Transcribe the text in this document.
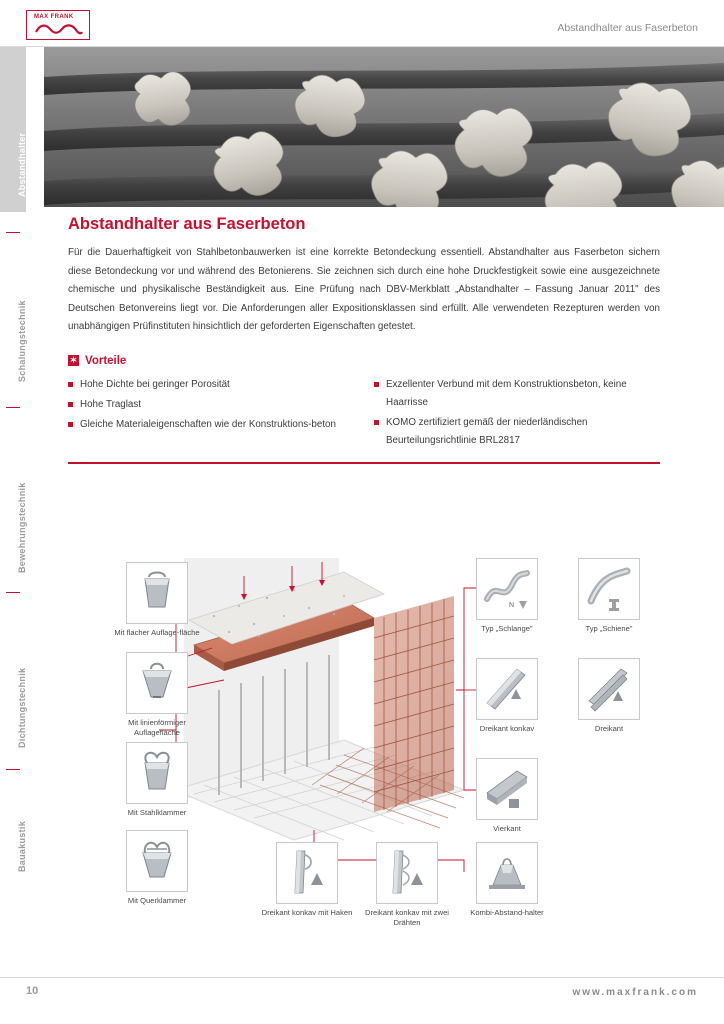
MAX FRANK
Abstandhalter aus Faserbeton
Abstandhalter
Schalungstechnik
Bewehrungstechnik
Dichtungstechnik
Bauakustik
Abstandhalter aus Faserbeton

Für die Dauerhaftigkeit von Stahlbetonbauwerken ist eine korrekte Betondeckung essentiell. Abstandhalter aus Faserbeton sichern diese Betondeckung vor und während des Betonierens. Sie zeichnen sich durch eine hohe Druckfestigkeit sowie eine ausgezeichnete chemische und physikalische Beständigkeit aus. Eine Prüfung nach DBV-Merkblatt „Abstandhalter – Fassung Januar 2011" des Deutschen Betonvereins liegt vor. Die Anforderungen aller Expositionsklassen sind erfüllt. Alle verwendeten Rezepturen werden von unabhängigen Prüfinstituten hinsichtlich der geforderten Eigenschaften getestet.

✶ Vorteile
Hohe Dichte bei geringer Porosität
Hohe Traglast
Gleiche Materialeigenschaften wie der Konstruktions-beton
Exzellenter Verbund mit dem Konstruktionsbeton, keine Haarrisse
KOMO zertifiziert gemäß der niederländischen Beurteilungsrichtlinie BRL2817
Mit flacher Auflage-fläche
Mit linienförmiger Auflagefläche
Mit Stahlklammer
Mit Querklammer
N
Typ „Schlange"	Typ „Schiene"
Dreikant konkav	Dreikant
Vierkant
Dreikant konkav mit Haken	Dreikant konkav mit zwei Drähten
Kombi-Abstand-halter
10	www.maxfrank.com
